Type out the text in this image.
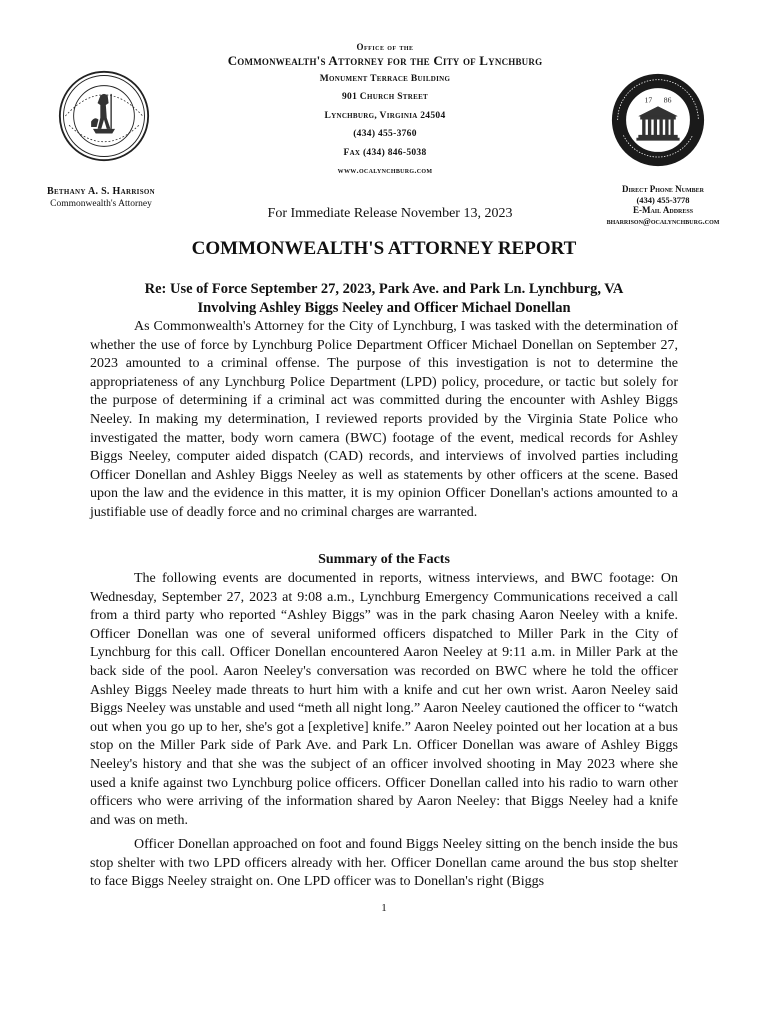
Office of the
Commonwealth's Attorney for the City of Lynchburg
Monument Terrace Building
901 Church Street
Lynchburg, Virginia 24504
(434) 455-3760
Fax (434) 846-5038
www.ocalynchburg.com
17 86
Bethany A. S. Harrison
Commonwealth's Attorney
Direct Phone Number
(434) 455-3778
E-Mail Address
bharrison@ocalynchburg.com
For Immediate Release November 13, 2023
COMMONWEALTH'S ATTORNEY REPORT
Re: Use of Force September 27, 2023, Park Ave. and Park Ln. Lynchburg, VA
Involving Ashley Biggs Neeley and Officer Michael Donellan

As Commonwealth's Attorney for the City of Lynchburg, I was tasked with the determination of whether the use of force by Lynchburg Police Department Officer Michael Donellan on September 27, 2023 amounted to a criminal offense. The purpose of this investigation is not to determine the appropriateness of any Lynchburg Police Department (LPD) policy, procedure, or tactic but solely for the purpose of determining if a criminal act was committed during the encounter with Ashley Biggs Neeley. In making my determination, I reviewed reports provided by the Virginia State Police who investigated the matter, body worn camera (BWC) footage of the event, medical records for Ashley Biggs Neeley, computer aided dispatch (CAD) records, and interviews of involved parties including Officer Donellan and Ashley Biggs Neeley as well as statements by other officers at the scene. Based upon the law and the evidence in this matter, it is my opinion Officer Donellan's actions amounted to a justifiable use of deadly force and no criminal charges are warranted.

Summary of the Facts

The following events are documented in reports, witness interviews, and BWC footage: On Wednesday, September 27, 2023 at 9:08 a.m., Lynchburg Emergency Communications received a call from a third party who reported “Ashley Biggs” was in the park chasing Aaron Neeley with a knife. Officer Donellan was one of several uniformed officers dispatched to Miller Park in the City of Lynchburg for this call. Officer Donellan encountered Aaron Neeley at 9:11 a.m. in Miller Park at the back side of the pool. Aaron Neeley's conversation was recorded on BWC where he told the officer Ashley Biggs Neeley made threats to hurt him with a knife and cut her own wrist. Aaron Neeley said Biggs Neeley was unstable and used “meth all night long.” Aaron Neeley cautioned the officer to “watch out when you go up to her, she's got a [expletive] knife.” Aaron Neeley pointed out her location at a bus stop on the Miller Park side of Park Ave. and Park Ln. Officer Donellan was aware of Ashley Biggs Neeley's history and that she was the subject of an officer involved shooting in May 2023 where she used a knife against two Lynchburg police officers. Officer Donellan called into his radio to warn other officers who were arriving of the information shared by Aaron Neeley: that Biggs Neeley had a knife and was on meth.

Officer Donellan approached on foot and found Biggs Neeley sitting on the bench inside the bus stop shelter with two LPD officers already with her. Officer Donellan came around the bus stop shelter to face Biggs Neeley straight on. One LPD officer was to Donellan's right (Biggs

1
